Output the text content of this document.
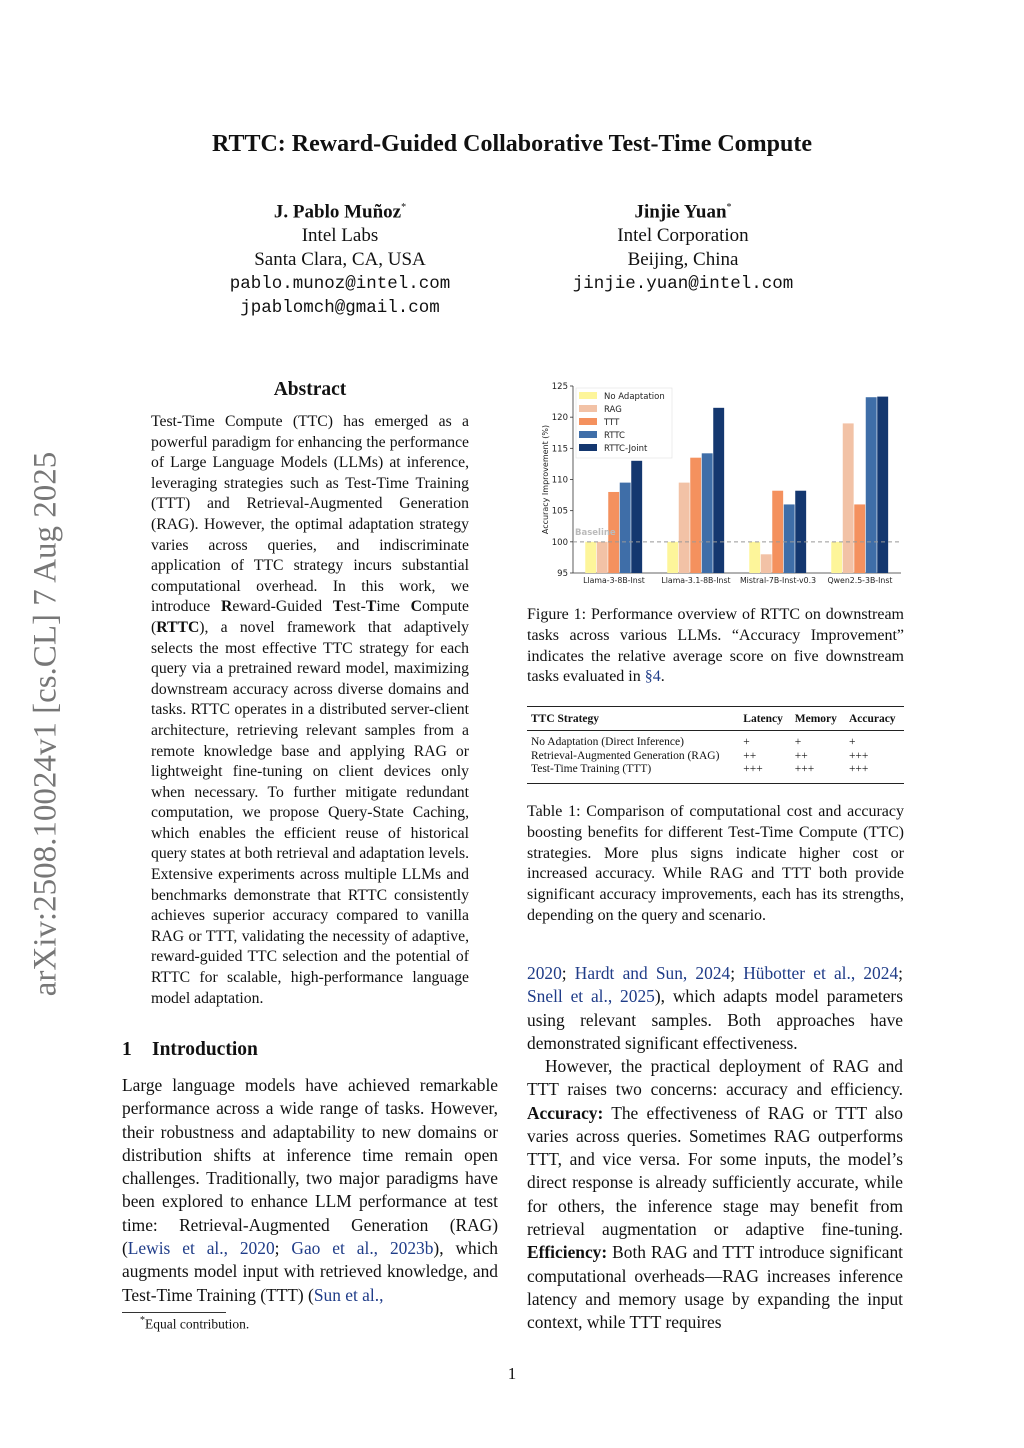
arXiv:2508.10024v1 [cs.CL] 7 Aug 2025
RTTC: Reward-Guided Collaborative Test-Time Compute
J. Pablo Muñoz*
Intel Labs
Santa Clara, CA, USA
pablo.munoz@intel.com
jpablomch@gmail.com
Jinjie Yuan*
Intel Corporation
Beijing, China
jinjie.yuan@intel.com
Abstract
Test-Time Compute (TTC) has emerged as a powerful paradigm for enhancing the performance of Large Language Models (LLMs) at inference, leveraging strategies such as Test-Time Training (TTT) and Retrieval-Augmented Generation (RAG). However, the optimal adaptation strategy varies across queries, and indiscriminate application of TTC strategy incurs substantial computational overhead. In this work, we introduce Reward-Guided Test-Time Compute (RTTC), a novel framework that adaptively selects the most effective TTC strategy for each query via a pretrained reward model, maximizing downstream accuracy across diverse domains and tasks. RTTC operates in a distributed server-client architecture, retrieving relevant samples from a remote knowledge base and applying RAG or lightweight fine-tuning on client devices only when necessary. To further mitigate redundant computation, we propose Query-State Caching, which enables the efficient reuse of historical query states at both retrieval and adaptation levels. Extensive experiments across multiple LLMs and benchmarks demonstrate that RTTC consistently achieves superior accuracy compared to vanilla RAG or TTT, validating the necessity of adaptive, reward-guided TTC selection and the potential of RTTC for scalable, high-performance language model adaptation.
1 Introduction
Large language models have achieved remarkable performance across a wide range of tasks. However, their robustness and adaptability to new domains or distribution shifts at inference time remain open challenges. Traditionally, two major paradigms have been explored to enhance LLM performance at test time: Retrieval-Augmented Generation (RAG) (Lewis et al., 2020; Gao et al., 2023b), which augments model input with retrieved knowledge, and Test-Time Training (TTT) (Sun et al.,
*Equal contribution.
95
100
105
110
115
120
125
Accuracy Improvement (%)
Llama-3-8B-Inst Llama-3.1-8B-Inst Mistral-7B-Inst-v0.3 Qwen2.5-3B-Inst
Baseline
No Adaptation
RAG
TTT
RTTC
RTTC-Joint
Figure 1: Performance overview of RTTC on downstream tasks across various LLMs. “Accuracy Improvement” indicates the relative average score on five downstream tasks evaluated in §4.
TTC Strategy	Latency	Memory	Accuracy
No Adaptation (Direct Inference)	+	+	+
Retrieval-Augmented Generation (RAG)	++	++	+++
Test-Time Training (TTT)	+++	+++	+++
Table 1: Comparison of computational cost and accuracy boosting benefits for different Test-Time Compute (TTC) strategies. More plus signs indicate higher cost or increased accuracy. While RAG and TTT both provide significant accuracy improvements, each has its strengths, depending on the query and scenario.
2020; Hardt and Sun, 2024; Hübotter et al., 2024; Snell et al., 2025), which adapts model parameters using relevant samples. Both approaches have demonstrated significant effectiveness.
However, the practical deployment of RAG and TTT raises two concerns: accuracy and efficiency. Accuracy: The effectiveness of RAG or TTT also varies across queries. Sometimes RAG outperforms TTT, and vice versa. For some inputs, the model’s direct response is already sufficiently accurate, while for others, the inference stage may benefit from retrieval augmentation or adaptive fine-tuning. Efficiency: Both RAG and TTT introduce significant computational overheads—RAG increases inference latency and memory usage by expanding the input context, while TTT requires
1
